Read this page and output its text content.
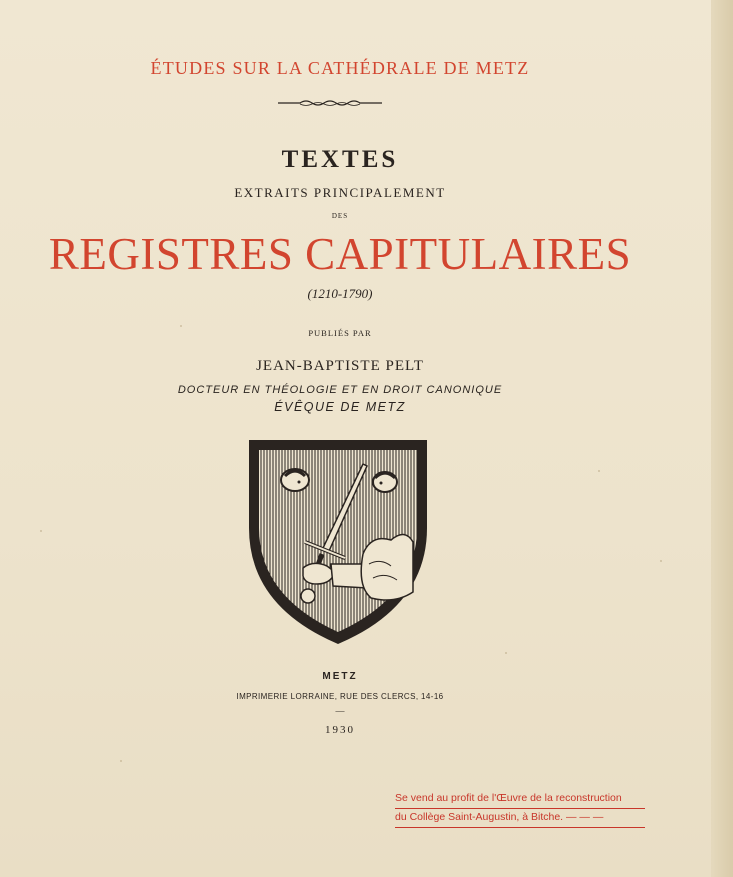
ÉTUDES SUR LA CATHÉDRALE DE METZ
TEXTES
EXTRAITS PRINCIPALEMENT
DES
REGISTRES CAPITULAIRES
(1210-1790)
PUBLIÉS PAR
JEAN-BAPTISTE PELT
DOCTEUR EN THÉOLOGIE ET EN DROIT CANONIQUE
ÉVÊQUE DE METZ
METZ
IMPRIMERIE LORRAINE, RUE DES CLERCS, 14-16
—
1930
Se vend au profit de l'Œuvre de la reconstruction
du Collège Saint-Augustin, à Bitche. — — —
